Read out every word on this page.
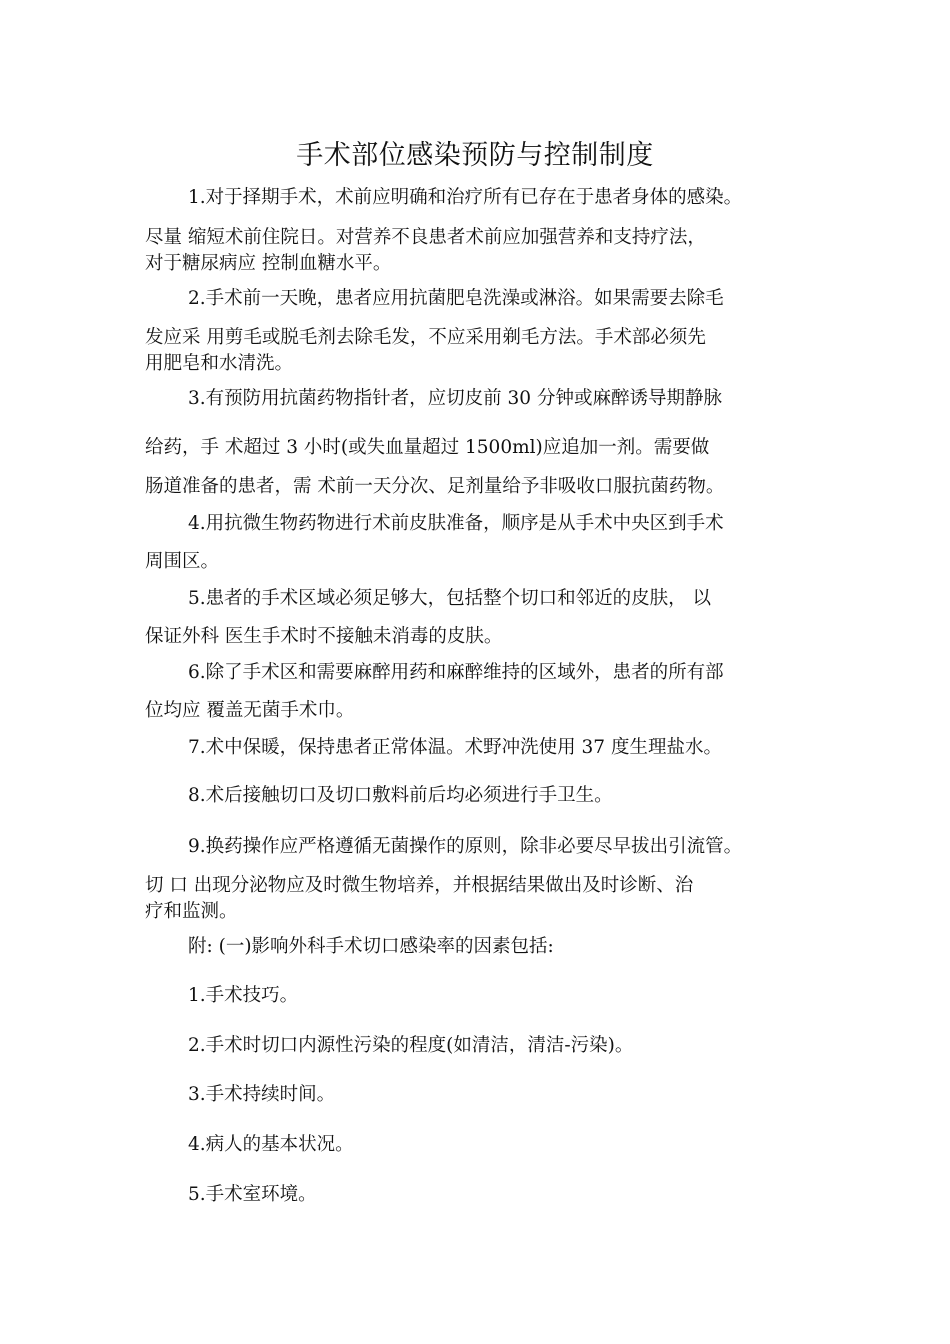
手术部位感染预防与控制制度
1.对于择期手术，术前应明确和治疗所有已存在于患者身体的感染。
尽量 缩短术前住院日。对营养不良患者术前应加强营养和支持疗法，
对于糖尿病应 控制血糖水平。
2.手术前一天晚，患者应用抗菌肥皂洗澡或淋浴。如果需要去除毛
发应采 用剪毛或脱毛剂去除毛发，不应采用剃毛方法。手术部必须先
用肥皂和水清洗。
3.有预防用抗菌药物指针者，应切皮前 30 分钟或麻醉诱导期静脉
给药，手 术超过 3 小时(或失血量超过 1500ml)应追加一剂。需要做
肠道准备的患者，需 术前一天分次、足剂量给予非吸收口服抗菌药物。
4.用抗微生物药物进行术前皮肤准备，顺序是从手术中央区到手术
周围区。
5.患者的手术区域必须足够大，包括整个切口和邻近的皮肤， 以
保证外科 医生手术时不接触未消毒的皮肤。
6.除了手术区和需要麻醉用药和麻醉维持的区域外，患者的所有部
位均应 覆盖无菌手术巾。
7.术中保暖，保持患者正常体温。术野冲洗使用 37 度生理盐水。
8.术后接触切口及切口敷料前后均必须进行手卫生。
9.换药操作应严格遵循无菌操作的原则，除非必要尽早拔出引流管。
切 口 出现分泌物应及时微生物培养，并根据结果做出及时诊断、治
疗和监测。
附: (一)影响外科手术切口感染率的因素包括:
1.手术技巧。
2.手术时切口内源性污染的程度(如清洁，清洁-污染)。
3.手术持续时间。
4.病人的基本状况。
5.手术室环境。
